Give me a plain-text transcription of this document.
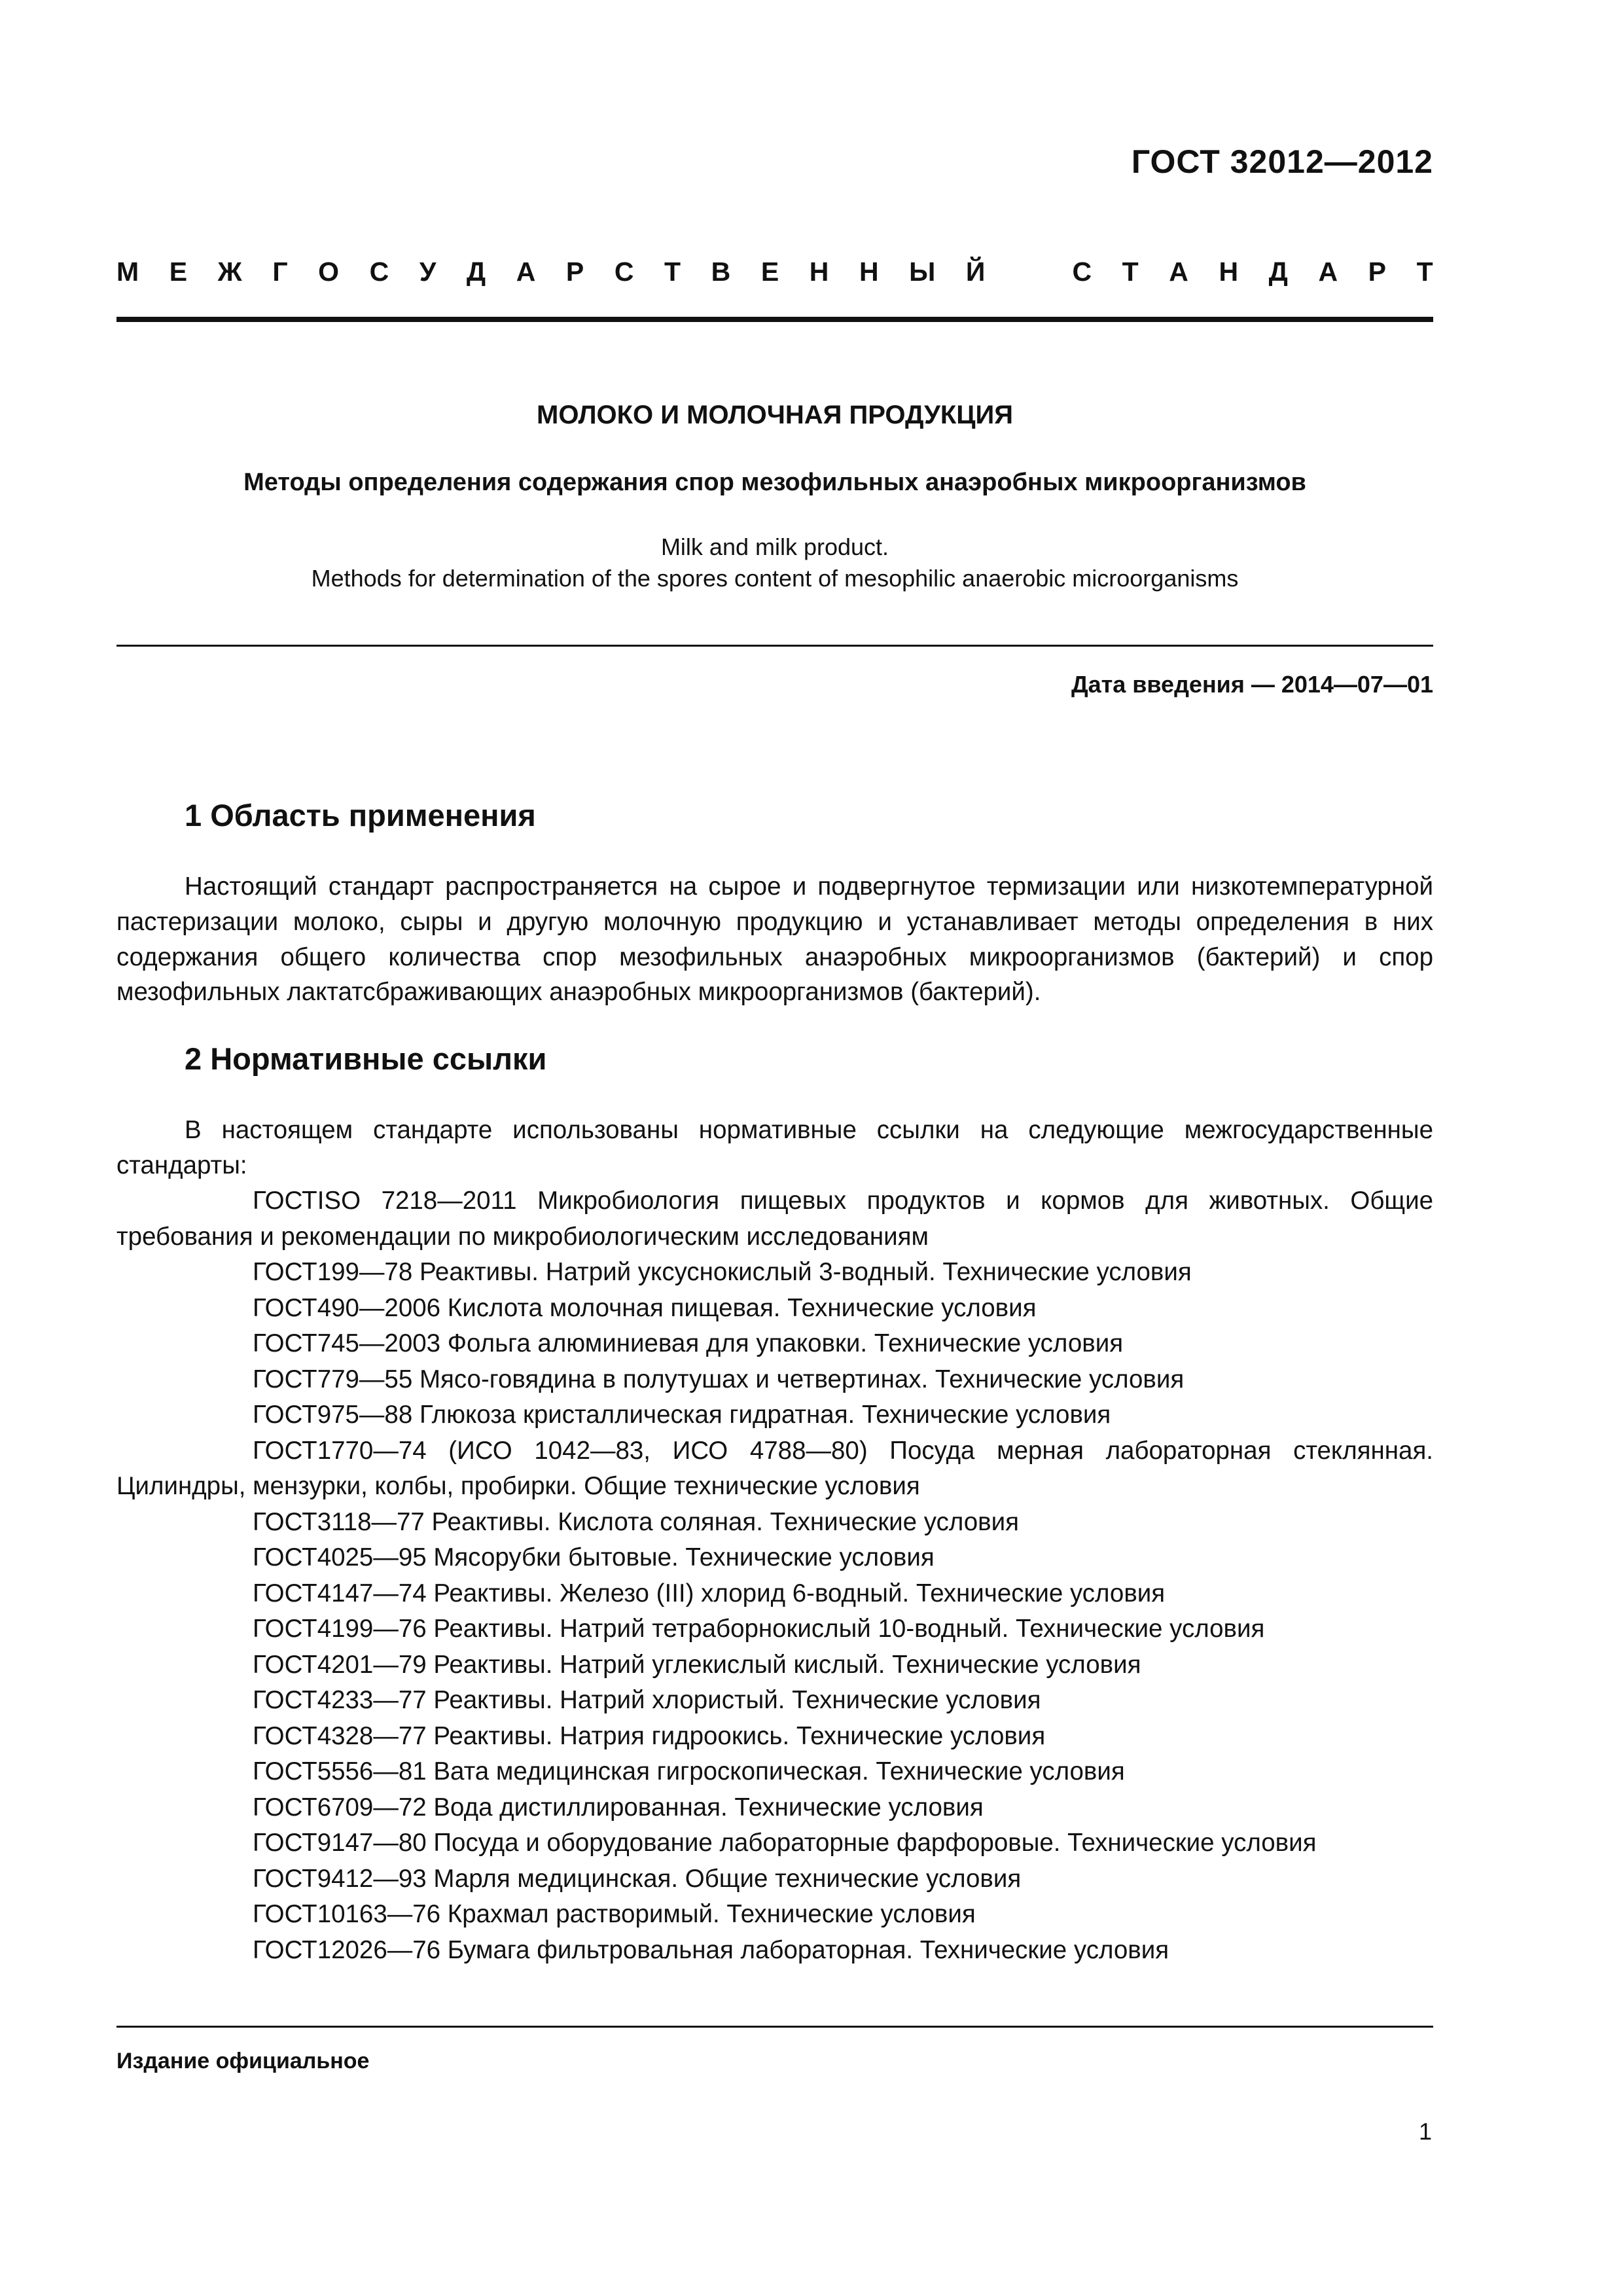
ГОСТ 32012—2012
М Е Ж Г О С У Д А Р С Т В Е Н Н Ы Й	С Т А Н Д А Р Т
МОЛОКО И МОЛОЧНАЯ ПРОДУКЦИЯ
Методы определения содержания спор мезофильных анаэробных микроорганизмов
Milk and milk product.
Methods for determination of the spores content of mesophilic anaerobic microorganisms
Дата введения — 2014—07—01
1 Область применения
Настоящий стандарт распространяется на сырое и подвергнутое термизации или низкотемпературной пастеризации молоко, сыры и другую молочную продукцию и устанавливает методы определения в них содержания общего количества спор мезофильных анаэробных микроорганизмов (бактерий) и спор мезофильных лактатсбраживающих анаэробных микроорганизмов (бактерий).
2 Нормативные ссылки
В настоящем стандарте использованы нормативные ссылки на следующие межгосударственные стандарты:
ГОСТISO 7218—2011 Микробиология пищевых продуктов и кормов для животных. Общие требования и рекомендации по микробиологическим исследованиям
ГОСТ199—78 Реактивы. Натрий уксуснокислый 3-водный. Технические условия
ГОСТ490—2006 Кислота молочная пищевая. Технические условия
ГОСТ745—2003 Фольга алюминиевая для упаковки. Технические условия
ГОСТ779—55 Мясо-говядина в полутушах и четвертинах. Технические условия
ГОСТ975—88 Глюкоза кристаллическая гидратная. Технические условия
ГОСТ1770—74 (ИСО 1042—83, ИСО 4788—80) Посуда мерная лабораторная стеклянная. Цилиндры, мензурки, колбы, пробирки. Общие технические условия
ГОСТ3118—77 Реактивы. Кислота соляная. Технические условия
ГОСТ4025—95 Мясорубки бытовые. Технические условия
ГОСТ4147—74 Реактивы. Железо (III) хлорид 6-водный. Технические условия
ГОСТ4199—76 Реактивы. Натрий тетраборнокислый 10-водный. Технические условия
ГОСТ4201—79 Реактивы. Натрий углекислый кислый. Технические условия
ГОСТ4233—77 Реактивы. Натрий хлористый. Технические условия
ГОСТ4328—77 Реактивы. Натрия гидроокись. Технические условия
ГОСТ5556—81 Вата медицинская гигроскопическая. Технические условия
ГОСТ6709—72 Вода дистиллированная. Технические условия
ГОСТ9147—80 Посуда и оборудование лабораторные фарфоровые. Технические условия
ГОСТ9412—93 Марля медицинская. Общие технические условия
ГОСТ10163—76 Крахмал растворимый. Технические условия
ГОСТ12026—76 Бумага фильтровальная лабораторная. Технические условия
Издание официальное
1
